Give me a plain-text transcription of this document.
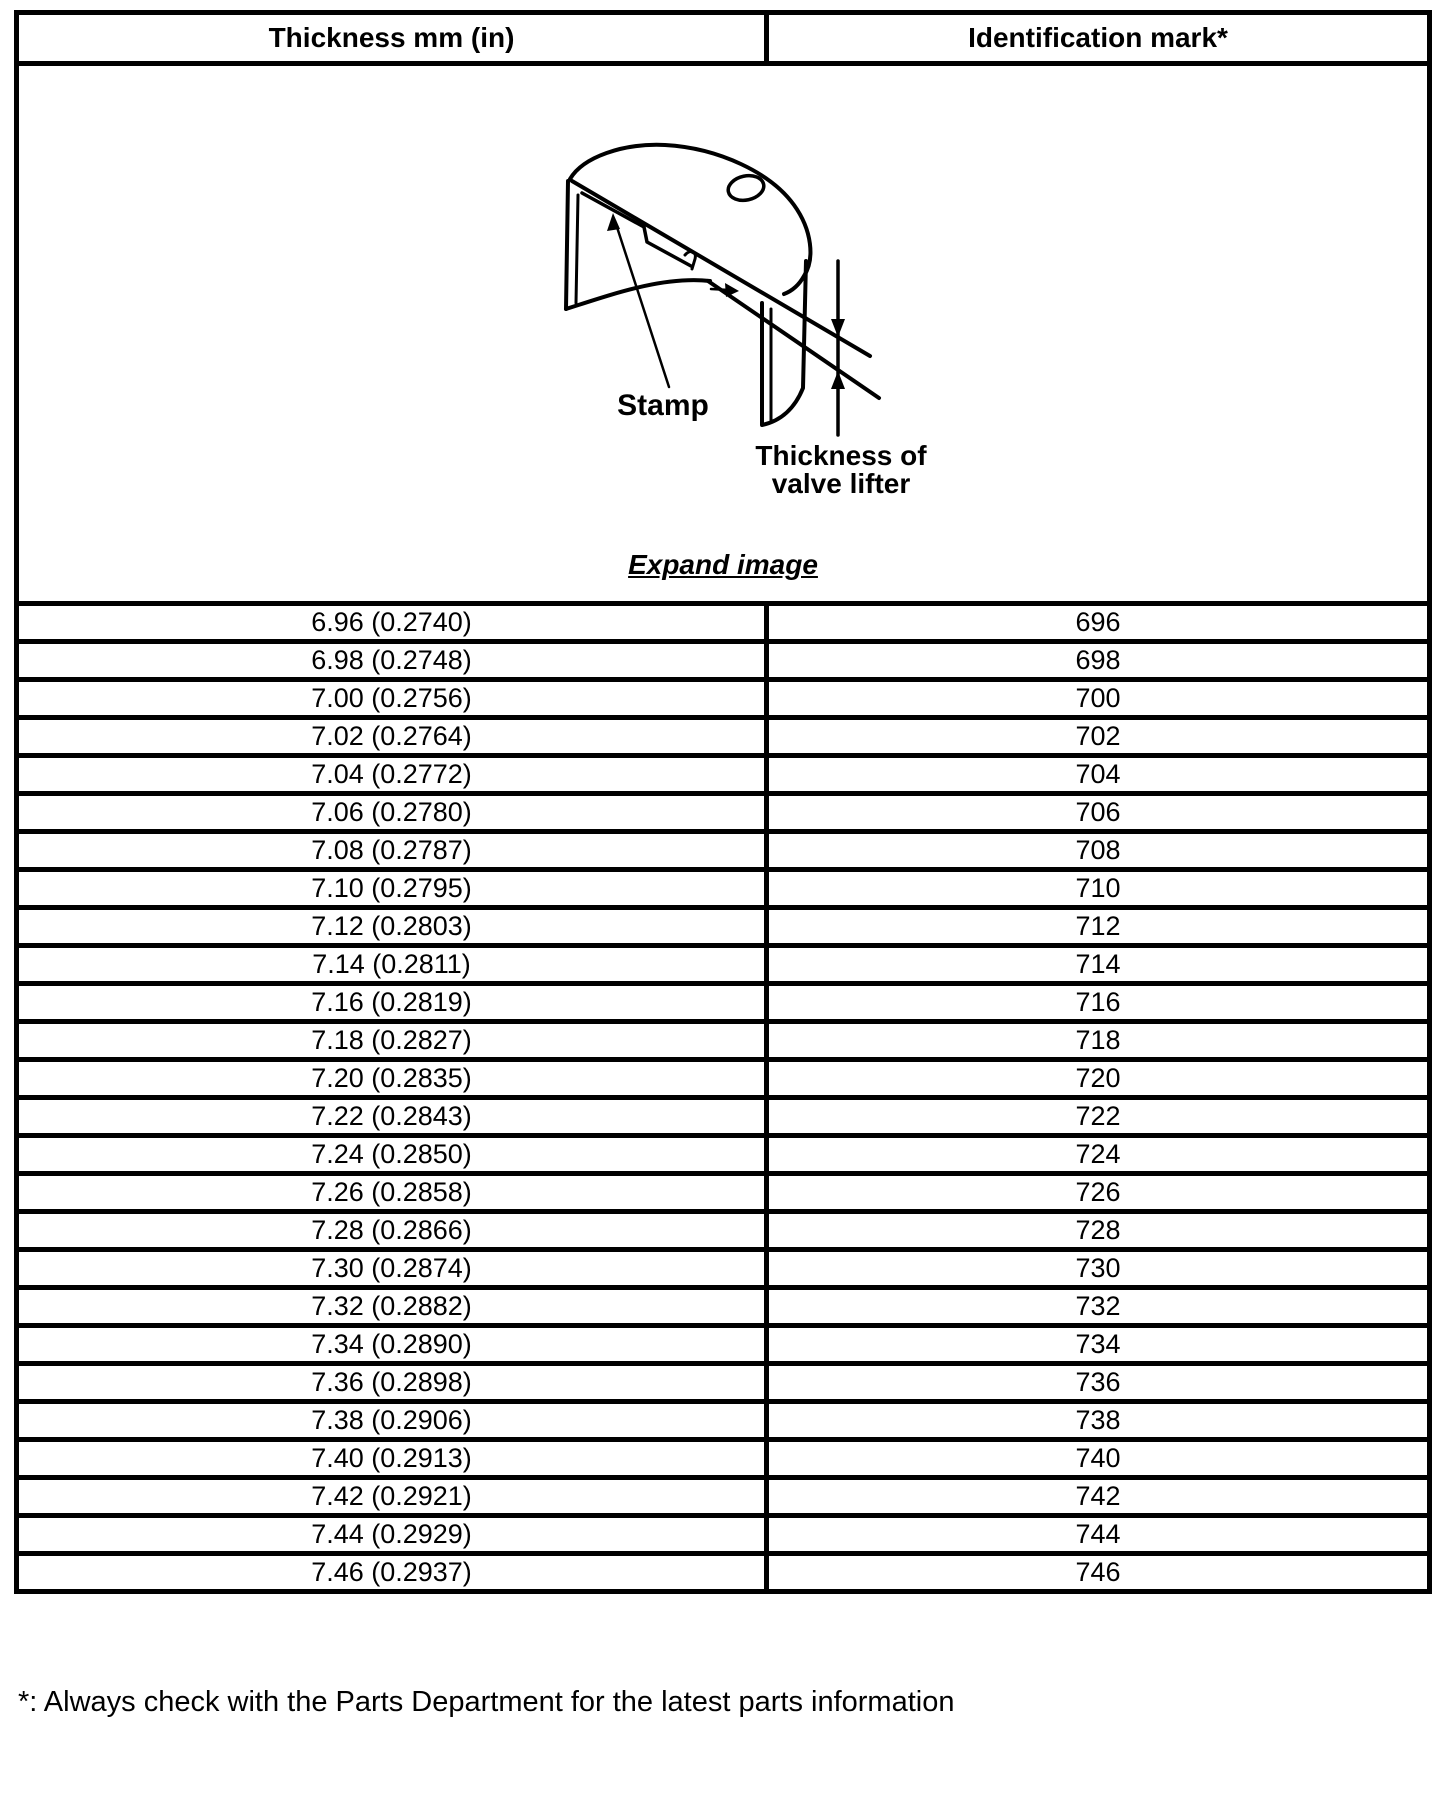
Thickness mm (in)	Identification mark*

Stamp
Thickness of
valve lifter
Expand image	

6.96 (0.2740)	696
6.98 (0.2748)	698
7.00 (0.2756)	700
7.02 (0.2764)	702
7.04 (0.2772)	704
7.06 (0.2780)	706
7.08 (0.2787)	708
7.10 (0.2795)	710
7.12 (0.2803)	712
7.14 (0.2811)	714
7.16 (0.2819)	716
7.18 (0.2827)	718
7.20 (0.2835)	720
7.22 (0.2843)	722
7.24 (0.2850)	724
7.26 (0.2858)	726
7.28 (0.2866)	728
7.30 (0.2874)	730
7.32 (0.2882)	732
7.34 (0.2890)	734
7.36 (0.2898)	736
7.38 (0.2906)	738
7.40 (0.2913)	740
7.42 (0.2921)	742
7.44 (0.2929)	744
7.46 (0.2937)	746
*: Always check with the Parts Department for the latest parts information
